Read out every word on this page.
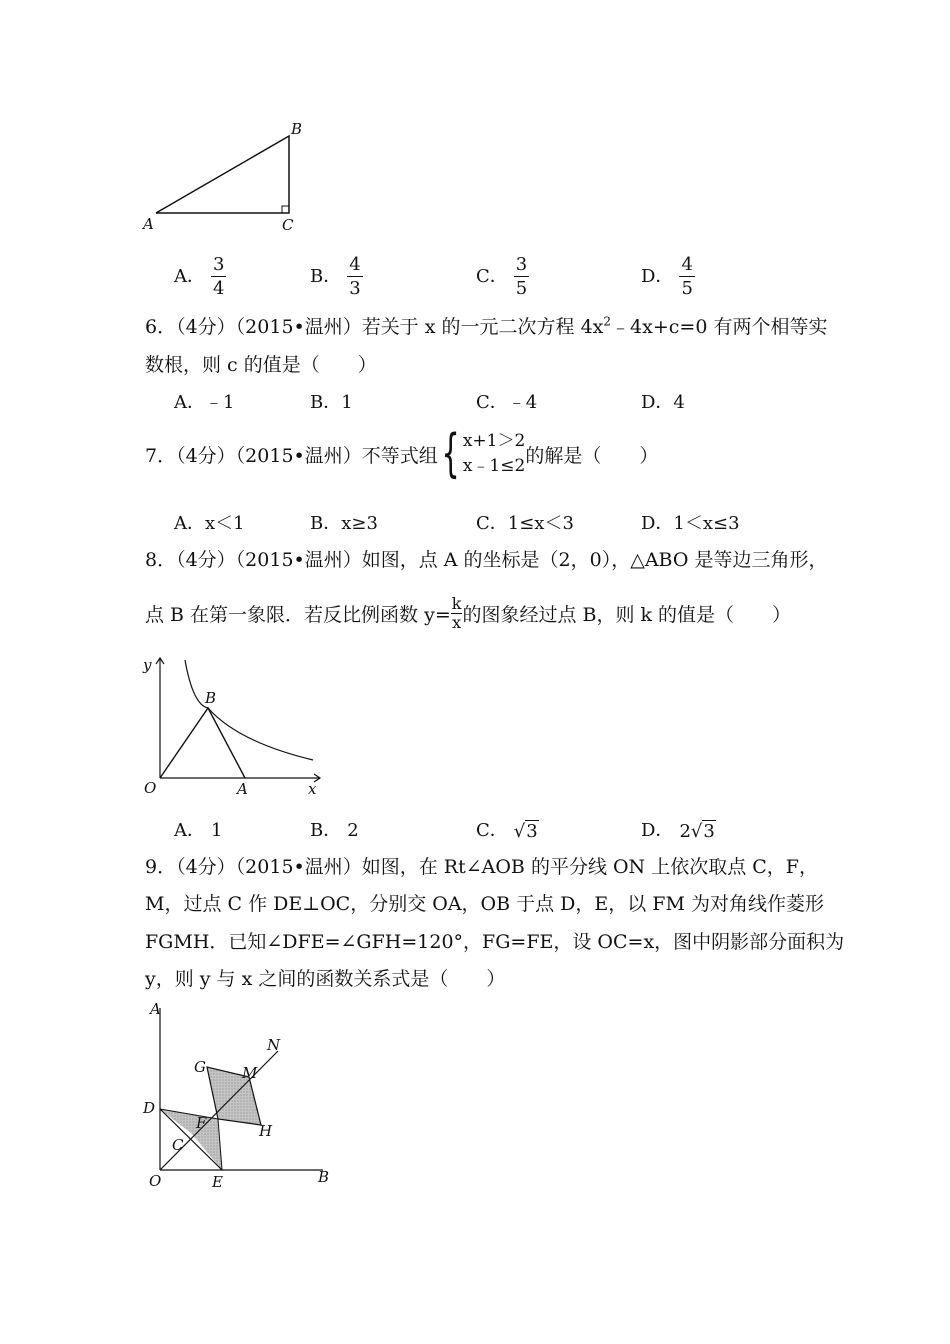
A
B
C
A． $\frac{3}{4}$	B． $\frac{4}{3}$	C． $\frac{3}{5}$	D． $\frac{4}{5}$
6．（4分）（2015•温州）若关于 x 的一元二次方程 $4x^2﹣4x+c=0$ 有两个相等实
数根，则 c 的值是（　　）
A．﹣1	B．1	C．﹣4	D．4
7．（4分）（2015•温州）不等式组 { x+1＞2
x﹣1≤2 的解是（　　）
A．x＜1	B．x≥3	C．1≤x＜3	D．1＜x≤3
8．（4分）（2015•温州）如图，点 A 的坐标是（2，0），△ABO 是等边三角形，
点 B 在第一象限．若反比例函数 $y= \frac{k}{x}$ 的图象经过点 B，则 k 的值是（　　）
y
x
O	A
B
A． 1	B． 2	C． √3	D． 2√3
9．（4分）（2015•温州）如图，在 Rt∠AOB 的平分线 ON 上依次取点 C，F，
M，过点 C 作 DE⊥OC，分别交 OA，OB 于点 D，E，以 FM 为对角线作菱形
FGMH．已知∠DFE=∠GFH=120°，FG=FE，设 OC=x，图中阴影部分面积为
y，则 y 与 x 之间的函数关系式是（　　）
A
N
G M
D
F	H
C
O	E	B
